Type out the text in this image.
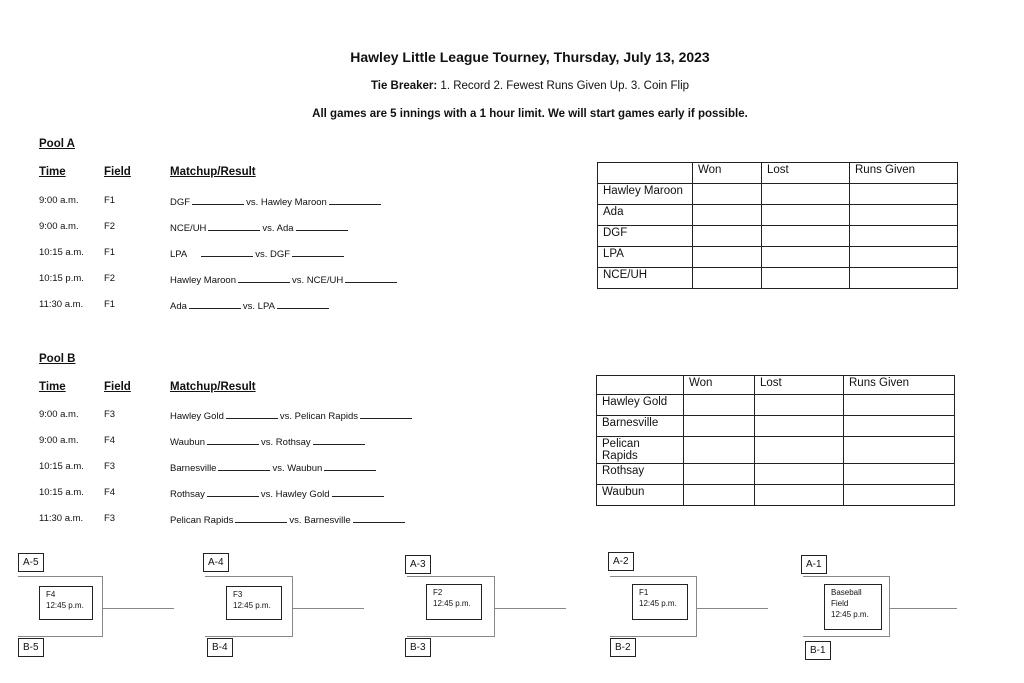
Hawley Little League Tourney, Thursday, July 13, 2023
Tie Breaker: 1. Record 2. Fewest Runs Given Up. 3. Coin Flip
All games are 5 innings with a 1 hour limit. We will start games early if possible.
Pool A
Time	Field	Matchup/Result
9:00 a.m.	F1	DGF	vs. Hawley Maroon
9:00 a.m.	F2	NCE/UH	vs. Ada
10:15 a.m. F1	LPA	vs. DGF
10:15 p.m. F2	Hawley Maroon	vs. NCE/UH
11:30 a.m. F1	Ada	vs. LPA
	Won	Lost	Runs Given
Hawley Maroon			
Ada			
DGF			
LPA			
NCE/UH			
Pool B
Time	Field	Matchup/Result
9:00 a.m.	F3	Hawley Gold	vs. Pelican Rapids
9:00 a.m.	F4	Waubun	vs. Rothsay
10:15 a.m. F3	Barnesville	vs. Waubun
10:15 a.m. F4	Rothsay	vs. Hawley Gold
11:30 a.m. F3	Pelican Rapids	vs. Barnesville
	Won	Lost	Runs Given
Hawley Gold			
Barnesville			
Pelican Rapids			
Rothsay			
Waubun			
A-5
B-5
F4
12:45 p.m.
A-4
B-4
F3
12:45 p.m.
A-3
B-3
F2
12:45 p.m.
A-2
B-2
F1
12:45 p.m.
A-1
B-1
Baseball
Field
12:45 p.m.
